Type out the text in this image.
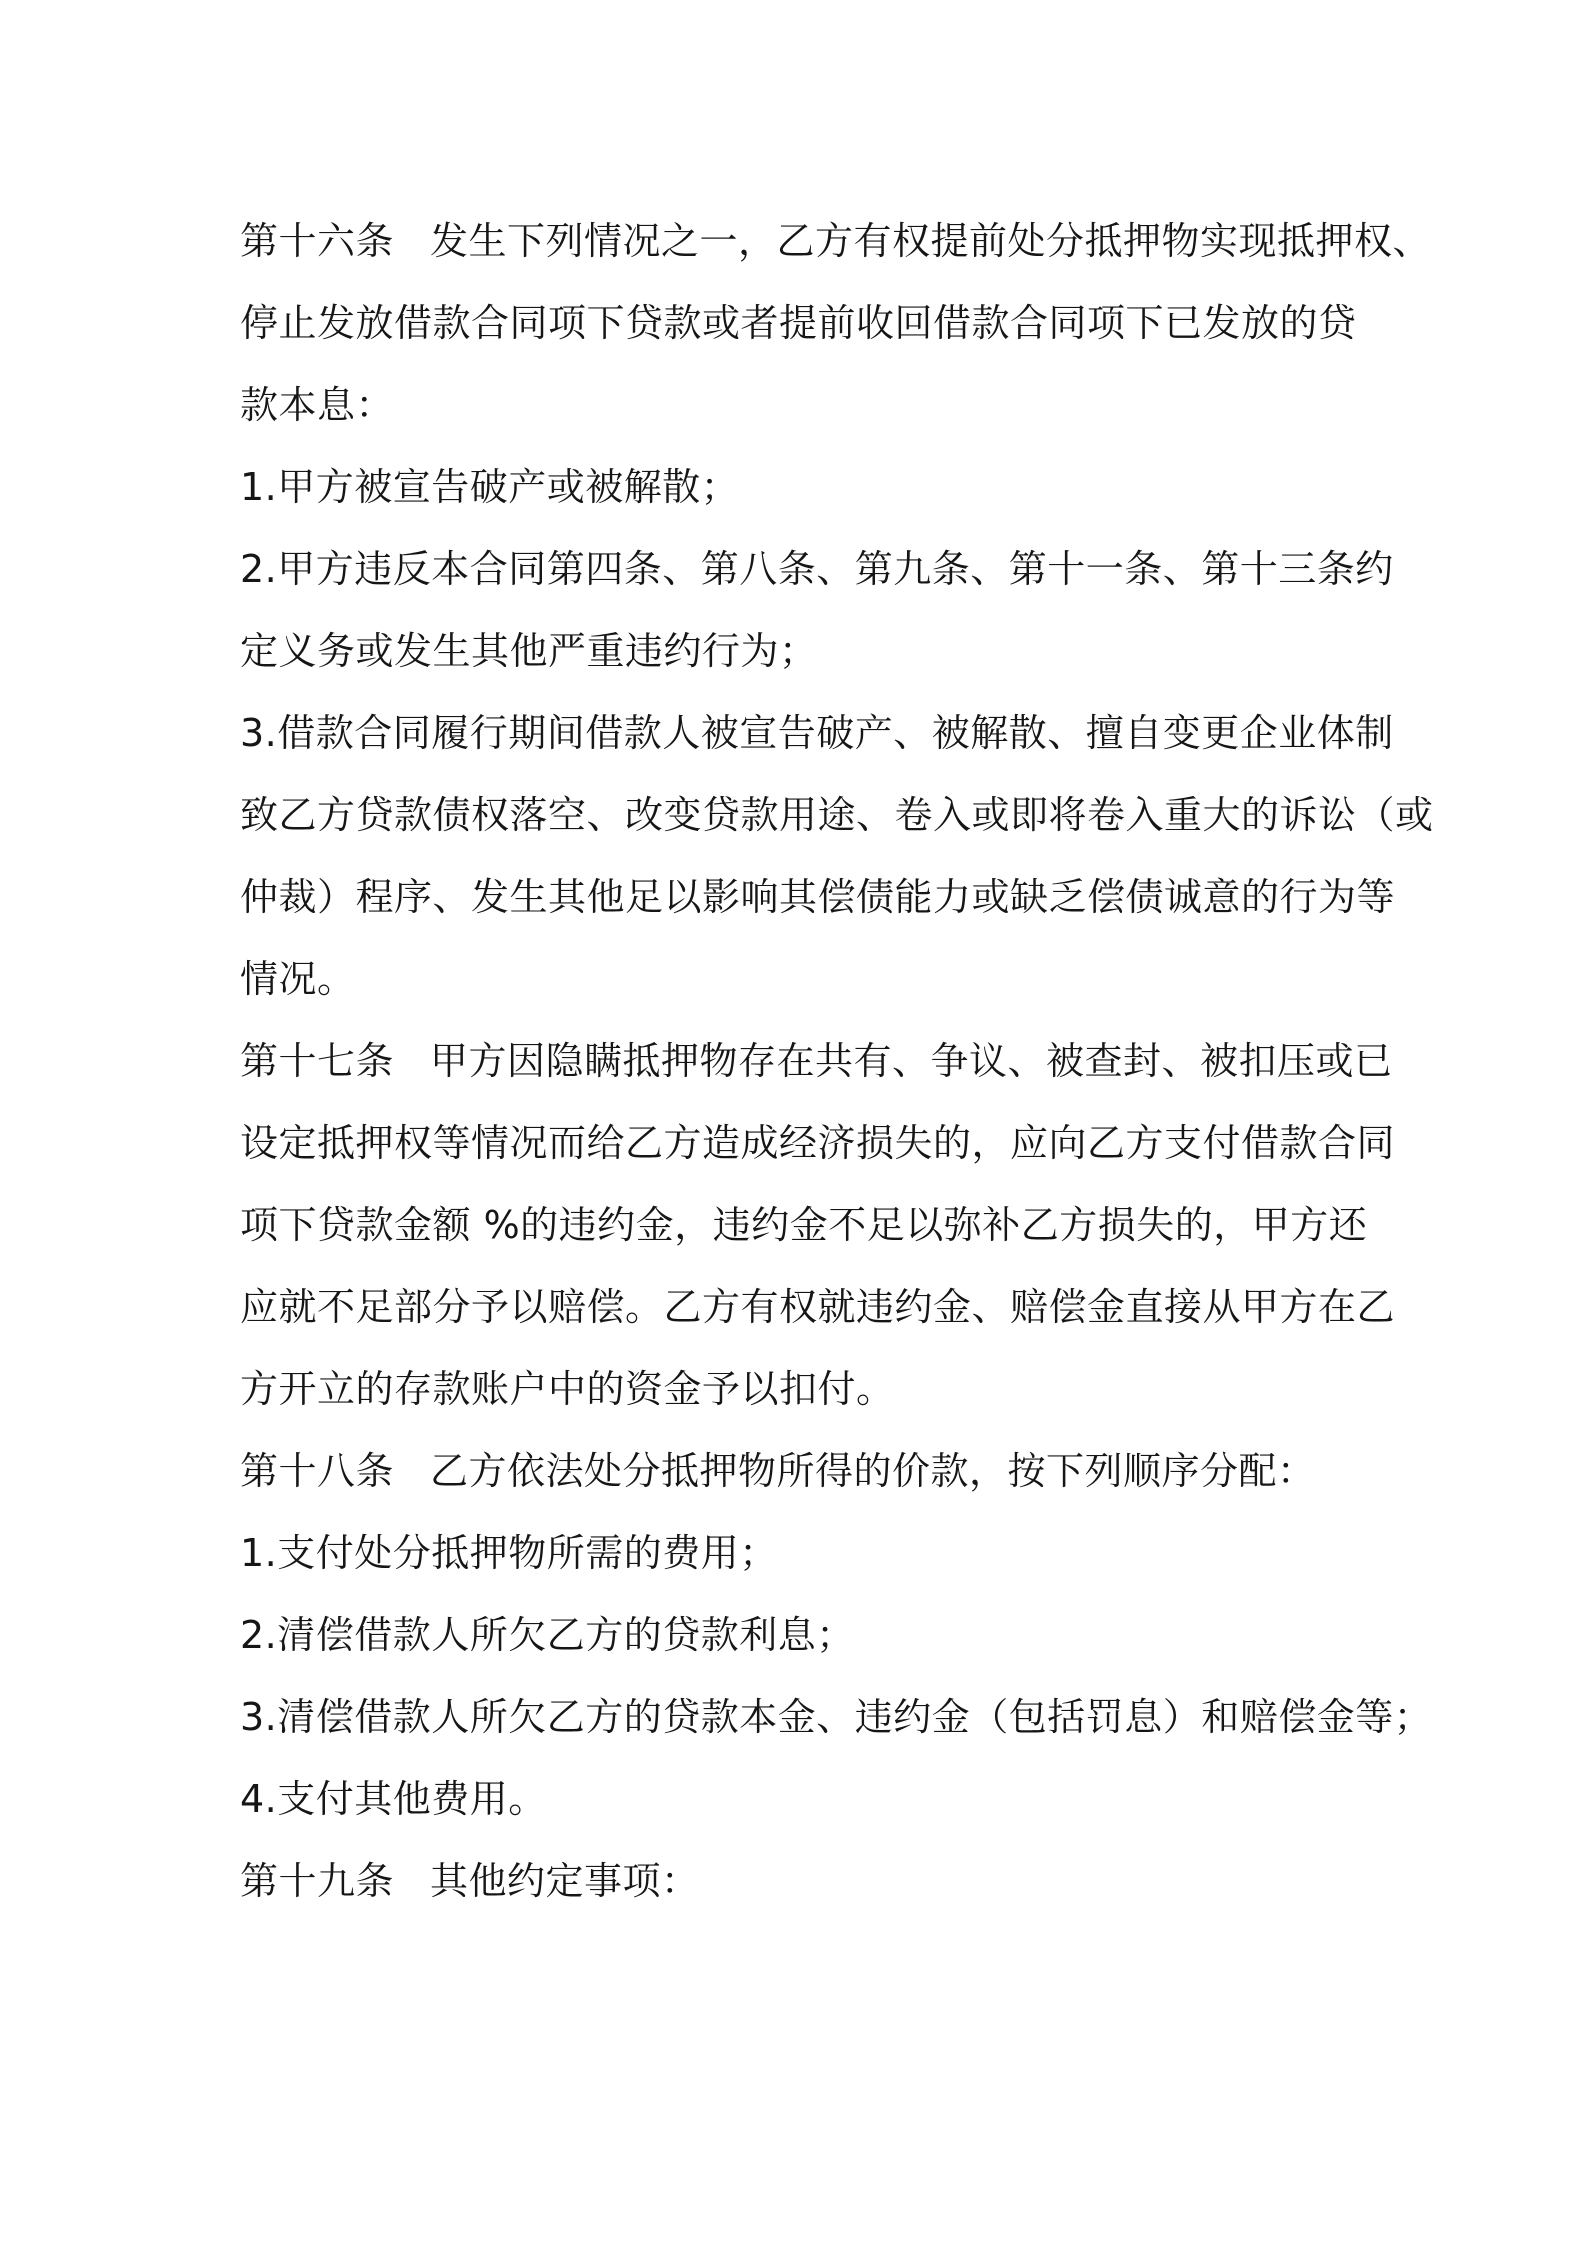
第十六条 发生下列情况之一，乙方有权提前处分抵押物实现抵押权、
停止发放借款合同项下贷款或者提前收回借款合同项下已发放的贷
款本息：
1.甲方被宣告破产或被解散；
2.甲方违反本合同第四条、第八条、第九条、第十一条、第十三条约
定义务或发生其他严重违约行为；
3.借款合同履行期间借款人被宣告破产、被解散、擅自变更企业体制
致乙方贷款债权落空、改变贷款用途、卷入或即将卷入重大的诉讼（或
仲裁）程序、发生其他足以影响其偿债能力或缺乏偿债诚意的行为等
情况。
第十七条 甲方因隐瞒抵押物存在共有、争议、被查封、被扣压或已
设定抵押权等情况而给乙方造成经济损失的，应向乙方支付借款合同
项下贷款金额 %的违约金，违约金不足以弥补乙方损失的，甲方还
应就不足部分予以赔偿。乙方有权就违约金、赔偿金直接从甲方在乙
方开立的存款账户中的资金予以扣付。
第十八条 乙方依法处分抵押物所得的价款，按下列顺序分配：
1.支付处分抵押物所需的费用；
2.清偿借款人所欠乙方的贷款利息；
3.清偿借款人所欠乙方的贷款本金、违约金（包括罚息）和赔偿金等；
4.支付其他费用。
第十九条 其他约定事项：
